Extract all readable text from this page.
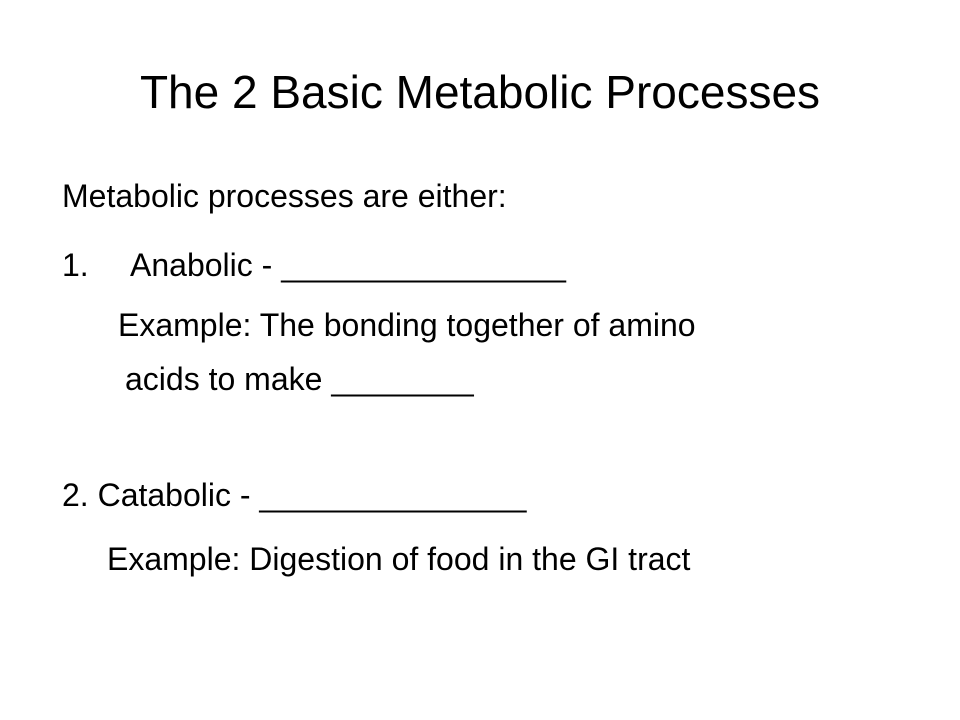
The 2 Basic Metabolic Processes
Metabolic processes are either:
1. Anabolic - ________________
Example: The bonding together of amino
acids to make ________
2. Catabolic - _______________
Example: Digestion of food in the GI tract
